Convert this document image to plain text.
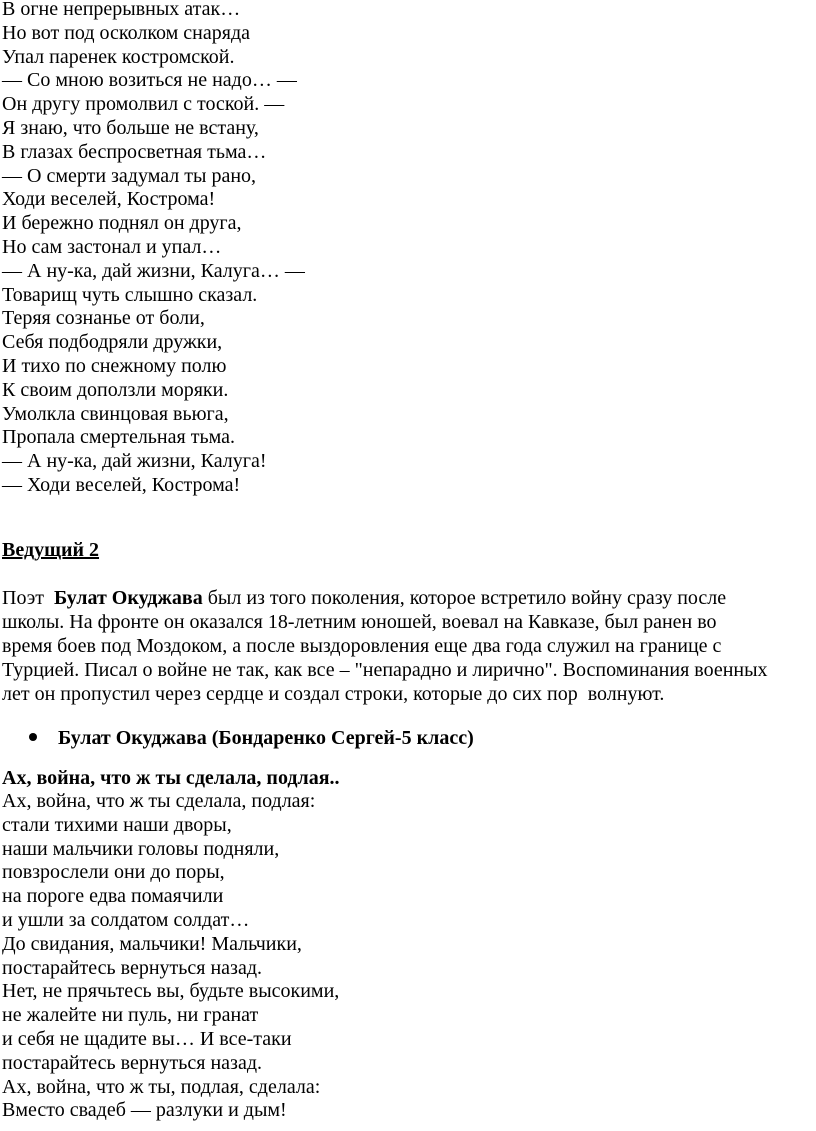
В огне непрерывных атак…
Но вот под осколком снаряда
Упал паренек костромской.
— Со мною возиться не надо… —
Он другу промолвил с тоской. —
Я знаю, что больше не встану,
В глазах беспросветная тьма…
— О смерти задумал ты рано,
Ходи веселей, Кострома!
И бережно поднял он друга,
Но сам застонал и упал…
— А ну-ка, дай жизни, Калуга… —
Товарищ чуть слышно сказал.
Теряя сознанье от боли,
Себя подбодряли дружки,
И тихо по снежному полю
К своим доползли моряки.
Умолкла свинцовая вьюга,
Пропала смертельная тьма.
— А ну-ка, дай жизни, Калуга!
— Ходи веселей, Кострома!
Ведущий 2
Поэт  Булат Окуджава был из того поколения, которое встретило войну сразу после
школы. На фронте он оказался 18-летним юношей, воевал на Кавказе, был ранен во
время боев под Моздоком, а после выздоровления еще два года служил на границе с
Турцией. Писал о войне не так, как все – "непарадно и лирично". Воспоминания военных
лет он пропустил через сердце и создал строки, которые до сих пор  волнуют.
Булат Окуджава (Бондаренко Сергей-5 класс)
Ах, война, что ж ты сделала, подлая..
Ах, война, что ж ты сделала, подлая:
стали тихими наши дворы,
наши мальчики головы подняли,
повзрослели они до поры,
на пороге едва помаячили
и ушли за солдатом солдат…
До свидания, мальчики! Мальчики,
постарайтесь вернуться назад.
Нет, не прячьтесь вы, будьте высокими,
не жалейте ни пуль, ни гранат
и себя не щадите вы… И все-таки
постарайтесь вернуться назад.
Ах, война, что ж ты, подлая, сделала:
Вместо свадеб — разлуки и дым!
